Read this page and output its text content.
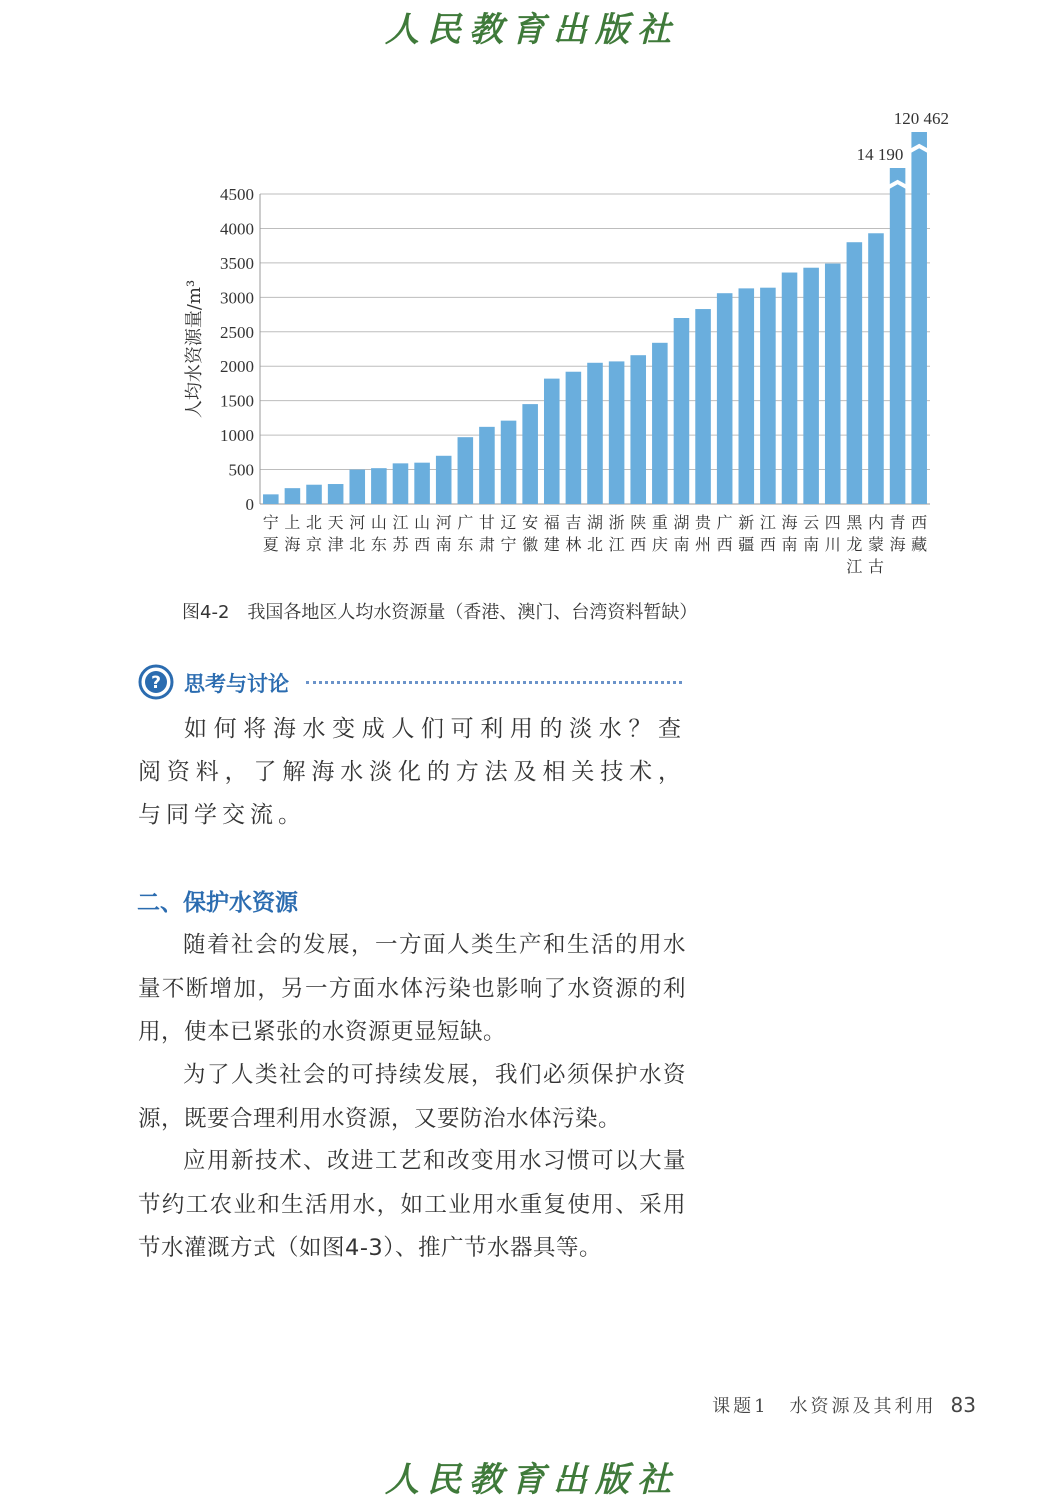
人民教育出版社
0
500
1000
1500
2000
2500
3000
3500
4000
4500
人均水资源量/m³
宁
夏
上
海
北
京
天
津
河
北
山
东
江
苏
山
西
河
南
广
东
甘
肃
辽
宁
安
徽
福
建
吉
林
湖
北
浙
江
陕
西
重
庆
湖
南
贵
州
广
西
新
疆
江
西
海
南
云
南
四
川
黑
龙
江
内
蒙
古
14 190
青
海
120 462
西
藏
图4-2 我国各地区人均水资源量（香港、澳门、台湾资料暂缺）
? 思考与讨论
如何将海水变成人们可利用的淡水？查阅资料，了解海水淡化的方法及相关技术，与同学交流。
二、保护水资源
随着社会的发展，一方面人类生产和生活的用水量不断增加，另一方面水体污染也影响了水资源的利用，使本已紧张的水资源更显短缺。
为了人类社会的可持续发展，我们必须保护水资源，既要合理利用水资源，又要防治水体污染。
应用新技术、改进工艺和改变用水习惯可以大量节约工农业和生活用水，如工业用水重复使用、采用节水灌溉方式（如图4-3）、推广节水器具等。
课题1　水资源及其利用 83
人民教育出版社
